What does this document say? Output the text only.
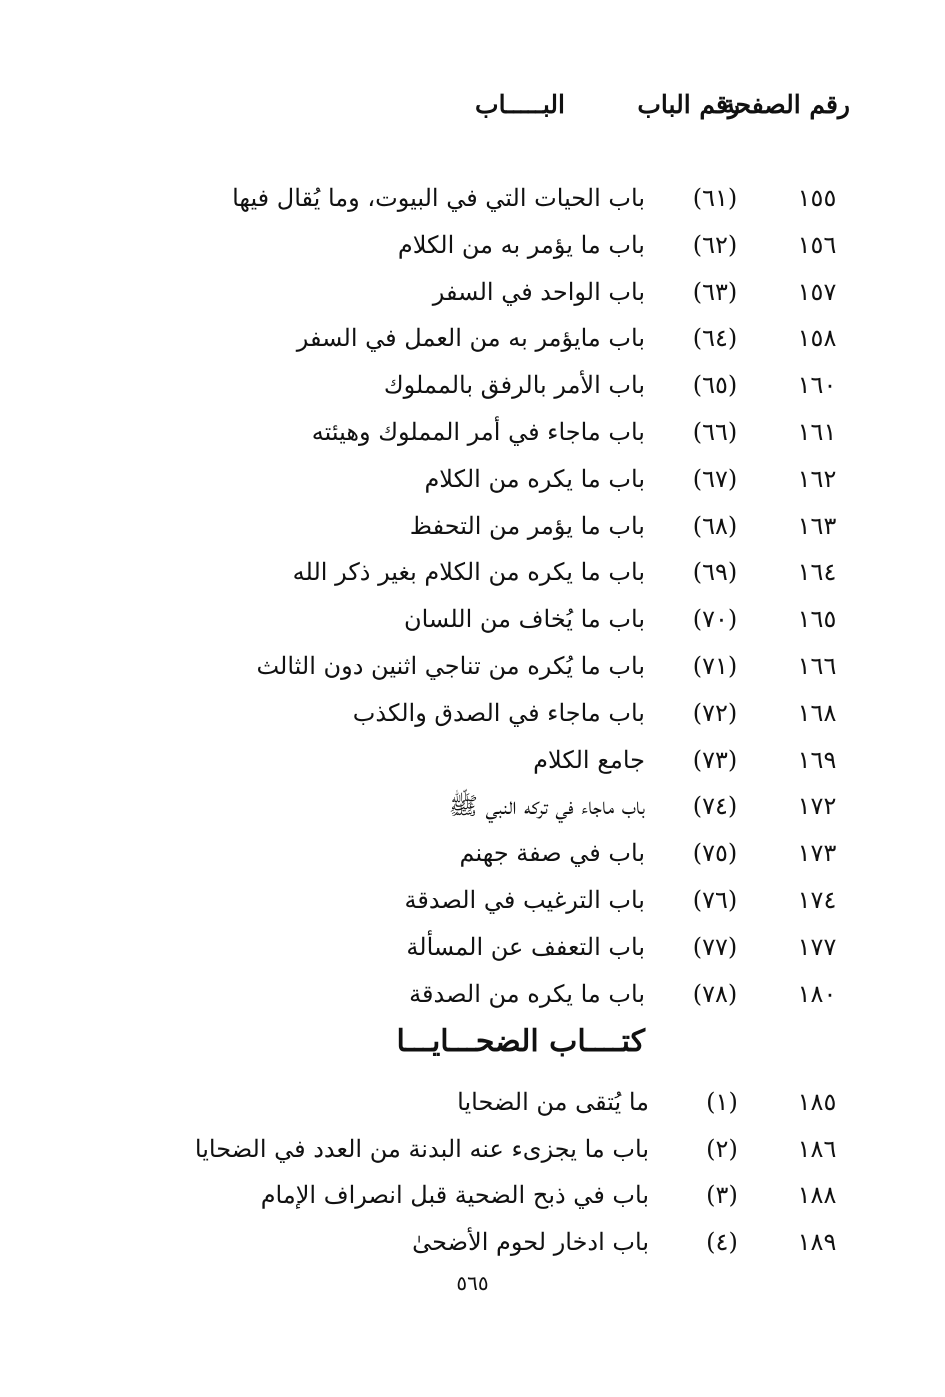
رقم الصفحة
رقم الباب
البـــــاب
١٥٥
(٦١)
باب الحيات التي في البيوت، وما يُقال فيها
١٥٦
(٦٢)
باب ما يؤمر به من الكلام
١٥٧
(٦٣)
باب الواحد في السفر
١٥٨
(٦٤)
باب مايؤمر به من العمل في السفر
١٦٠
(٦٥)
باب الأمر بالرفق بالمملوك
١٦١
(٦٦)
باب ماجاء في أمر المملوك وهيئته
١٦٢
(٦٧)
باب ما يكره من الكلام
١٦٣
(٦٨)
باب ما يؤمر من التحفظ
١٦٤
(٦٩)
باب ما يكره من الكلام بغير ذكر الله
١٦٥
(٧٠)
باب ما يُخاف من اللسان
١٦٦
(٧١)
باب ما يُكره من تناجي اثنين دون الثالث
١٦٨
(٧٢)
باب ماجاء في الصدق والكذب
١٦٩
(٧٣)
جامع الكلام
١٧٢
(٧٤)
باب ماجاء في تركه النبي ﷺ
١٧٣
(٧٥)
باب في صفة جهنم
١٧٤
(٧٦)
باب الترغيب في الصدقة
١٧٧
(٧٧)
باب التعفف عن المسألة
١٨٠
(٧٨)
باب ما يكره من الصدقة
كتــــاب الضحـــايـــا
١٨٥
(١)
ما يُتقى من الضحايا
١٨٦
(٢)
باب ما يجزىء عنه البدنة من العدد في الضحايا
١٨٨
(٣)
باب في ذبح الضحية قبل انصراف الإمام
١٨٩
(٤)
باب ادخار لحوم الأضحىٰ
٥٦٥
